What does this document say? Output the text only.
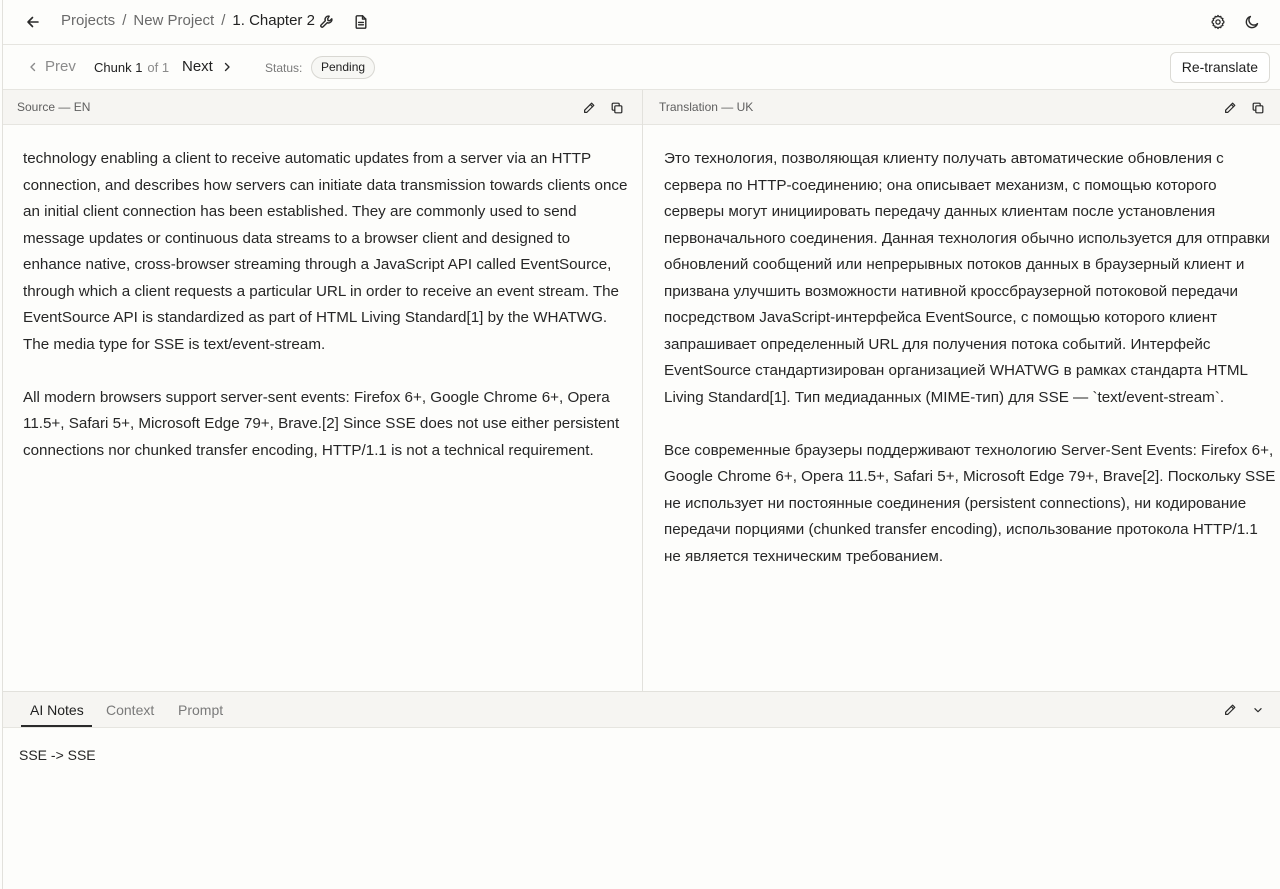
Projects / New Project / 1. Chapter 2
Prev Chunk 1 of 1 Next	Status:	Pending	Re-translate
Source — EN	Translation — UK

technology enabling a client to receive automatic updates from a server via an HTTP connection, and describes how servers can initiate data transmission towards clients once an initial client connection has been established. They are commonly used to send message updates or continuous data streams to a browser client and designed to enhance native, cross-browser streaming through a JavaScript API called EventSource, through which a client requests a particular URL in order to receive an event stream. The EventSource API is standardized as part of HTML Living Standard[1] by the WHATWG. The media type for SSE is text/event-stream.

All modern browsers support server-sent events: Firefox 6+, Google Chrome 6+, Opera 11.5+, Safari 5+, Microsoft Edge 79+, Brave.[2] Since SSE does not use either persistent connections nor chunked transfer encoding, HTTP/1.1 is not a technical requirement.

Это технология, позволяющая клиенту получать автоматические обновления с сервера по HTTP-соединению; она описывает механизм, с помощью которого серверы могут инициировать передачу данных клиентам после установления первоначального соединения. Данная технология обычно используется для отправки обновлений сообщений или непрерывных потоков данных в браузерный клиент и призвана улучшить возможности нативной кроссбраузерной потоковой передачи посредством JavaScript-интерфейса EventSource, с помощью которого клиент запрашивает определенный URL для получения потока событий. Интерфейс EventSource стандартизирован организацией WHATWG в рамках стандарта HTML Living Standard[1]. Тип медиаданных (MIME-тип) для SSE — `text/event-stream`.

Все современные браузеры поддерживают технологию Server-Sent Events: Firefox 6+, Google Chrome 6+, Opera 11.5+, Safari 5+, Microsoft Edge 79+, Brave[2]. Поскольку SSE не использует ни постоянные соединения (persistent connections), ни кодирование передачи порциями (chunked transfer encoding), использование протокола HTTP/1.1 не является техническим требованием.

AI Notes Context Prompt
SSE -> SSE
